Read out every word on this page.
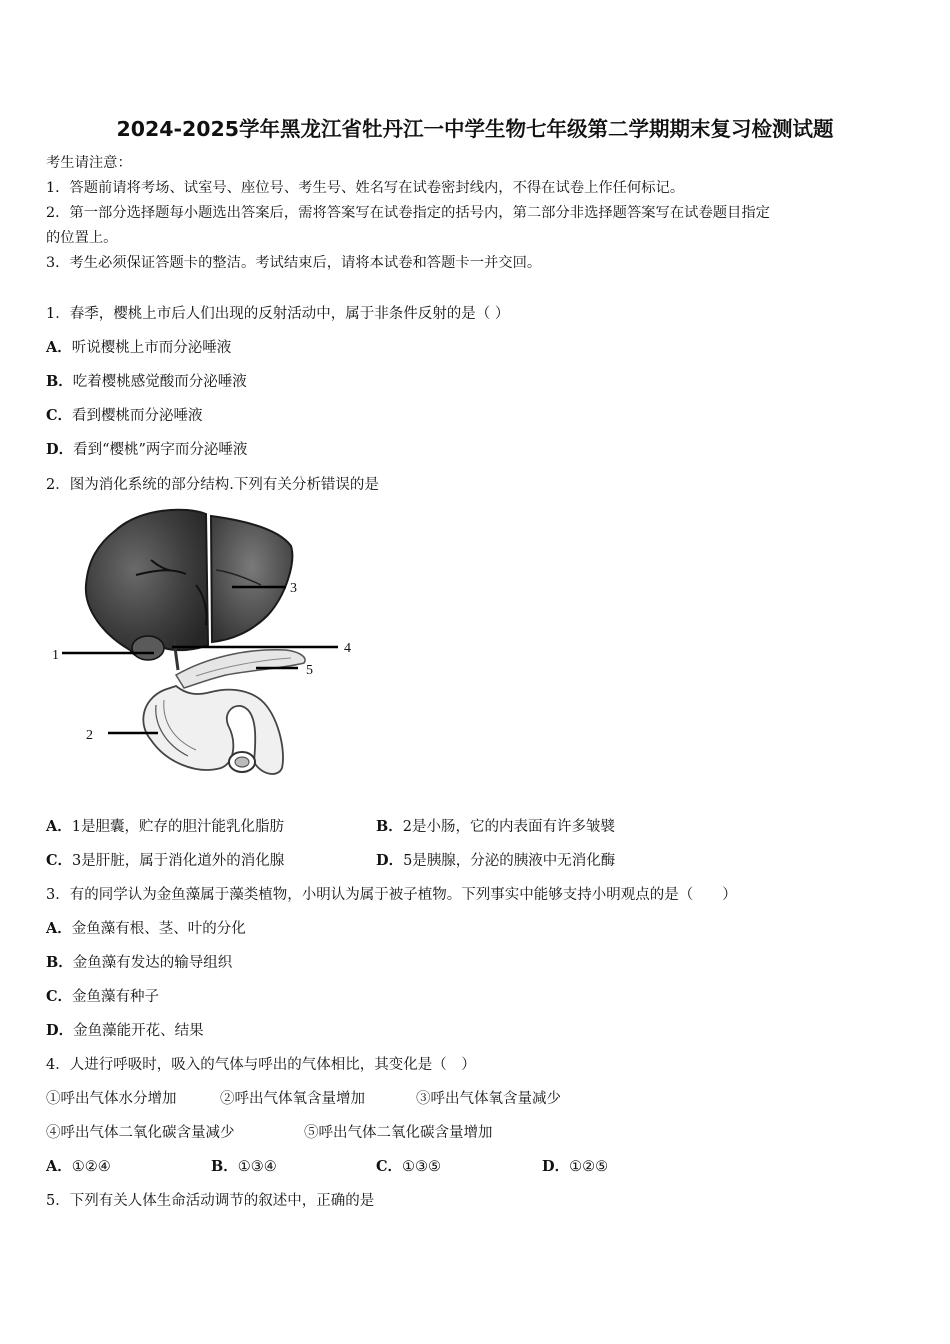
2024-2025学年黑龙江省牡丹江一中学生物七年级第二学期期末复习检测试题
考生请注意：
1．答题前请将考场、试室号、座位号、考生号、姓名写在试卷密封线内，不得在试卷上作任何标记。
2．第一部分选择题每小题选出答案后，需将答案写在试卷指定的括号内，第二部分非选择题答案写在试卷题目指定
的位置上。
3．考生必须保证答题卡的整洁。考试结束后，请将本试卷和答题卡一并交回。
1．春季，樱桃上市后人们出现的反射活动中，属于非条件反射的是（ ）
A．听说樱桃上市而分泌唾液
B．吃着樱桃感觉酸而分泌唾液
C．看到樱桃而分泌唾液
D．看到“樱桃”两字而分泌唾液
2．图为消化系统的部分结构.下列有关分析错误的是
1
2
3
4
5
A．1是胆囊，贮存的胆汁能乳化脂肪	B．2是小肠，它的内表面有许多皱襞
C．3是肝脏，属于消化道外的消化腺	D．5是胰腺，分泌的胰液中无消化酶
3．有的同学认为金鱼藻属于藻类植物，小明认为属于被子植物。下列事实中能够支持小明观点的是（　　）
A．金鱼藻有根、茎、叶的分化
B．金鱼藻有发达的输导组织
C．金鱼藻有种子
D．金鱼藻能开花、结果
4．人进行呼吸时，吸入的气体与呼出的气体相比，其变化是（　）
①呼出气体水分增加	②呼出气体氧含量增加	③呼出气体氧含量减少
④呼出气体二氧化碳含量减少	⑤呼出气体二氧化碳含量增加
A．①②④	B．①③④	C．①③⑤	D．①②⑤
5．下列有关人体生命活动调节的叙述中，正确的是
